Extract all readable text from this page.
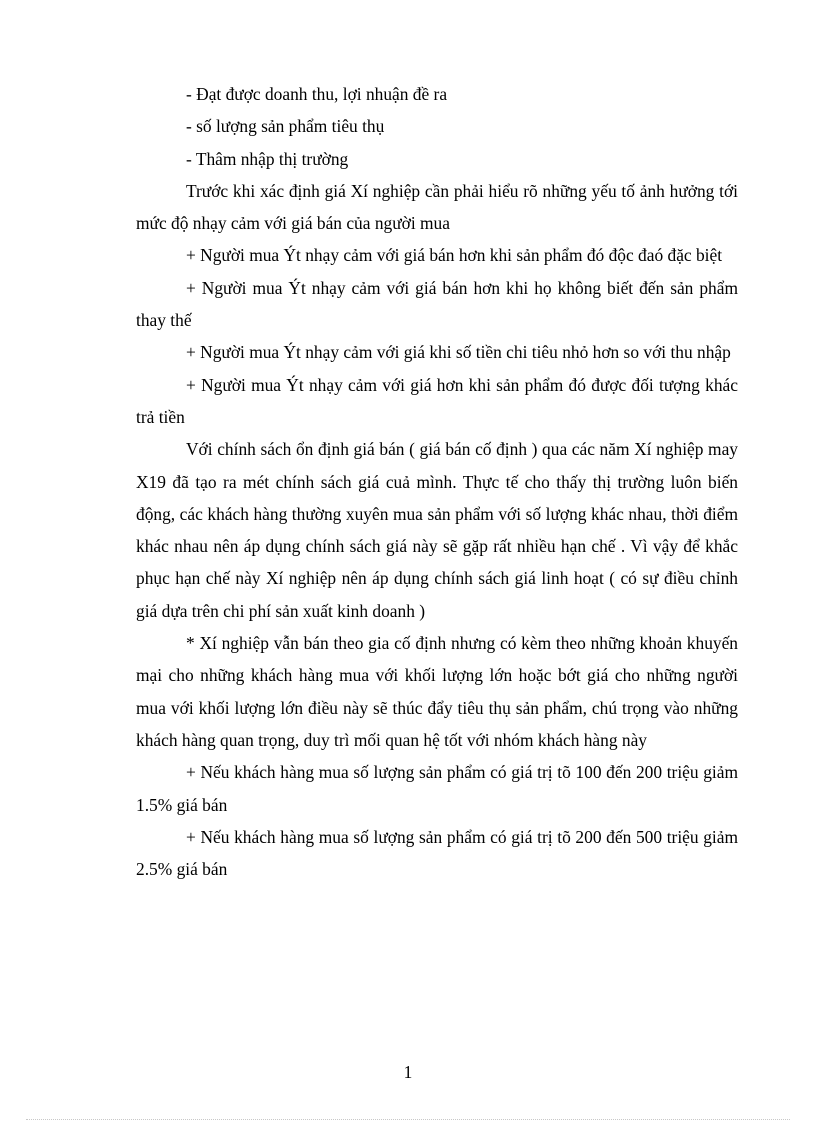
- Đạt được doanh thu, lợi nhuận đề ra

- số lượng sản phẩm tiêu thụ

- Thâm nhập thị trường

Trước khi xác định giá Xí nghiệp cần phải hiểu rõ những yếu tố ảnh hưởng tới mức độ nhạy cảm với giá bán của người mua

+ Người mua Ýt nhạy cảm với giá bán hơn khi sản phẩm đó độc đaó đặc biệt

+ Người mua Ýt nhạy cảm với giá bán hơn khi họ không biết đến sản phẩm thay thế

+ Người mua Ýt nhạy cảm với giá khi số tiền chi tiêu nhỏ hơn so với thu nhập

+ Người mua Ýt nhạy cảm với giá hơn khi sản phẩm đó được đối tượng khác trả tiền

Với chính sách ổn định giá bán ( giá bán cố định ) qua các năm Xí nghiệp may X19 đã tạo ra mét chính sách giá cuả mình. Thực tế cho thấy thị trường luôn biến động, các khách hàng thường xuyên mua sản phẩm với số lượng khác nhau, thời điểm khác nhau nên áp dụng chính sách giá này sẽ gặp rất nhiều hạn chế . Vì vậy để khắc phục hạn chế này Xí nghiệp nên áp dụng chính sách giá linh hoạt ( có sự điều chỉnh giá dựa trên chi phí sản xuất kinh doanh )

* Xí nghiệp vẫn bán theo gia cố định nhưng có kèm theo những khoản khuyến mại cho những khách hàng mua với khối lượng lớn hoặc bớt giá cho những người mua với khối lượng lớn điều này sẽ thúc đẩy tiêu thụ sản phẩm, chú trọng vào những khách hàng quan trọng, duy trì mối quan hệ tốt với nhóm khách hàng này

+ Nếu khách hàng mua số lượng sản phẩm có giá trị tõ 100 đến 200 triệu giảm 1.5% giá bán

+ Nếu khách hàng mua số lượng sản phẩm có giá trị tõ 200 đến 500 triệu giảm 2.5% giá bán

1
